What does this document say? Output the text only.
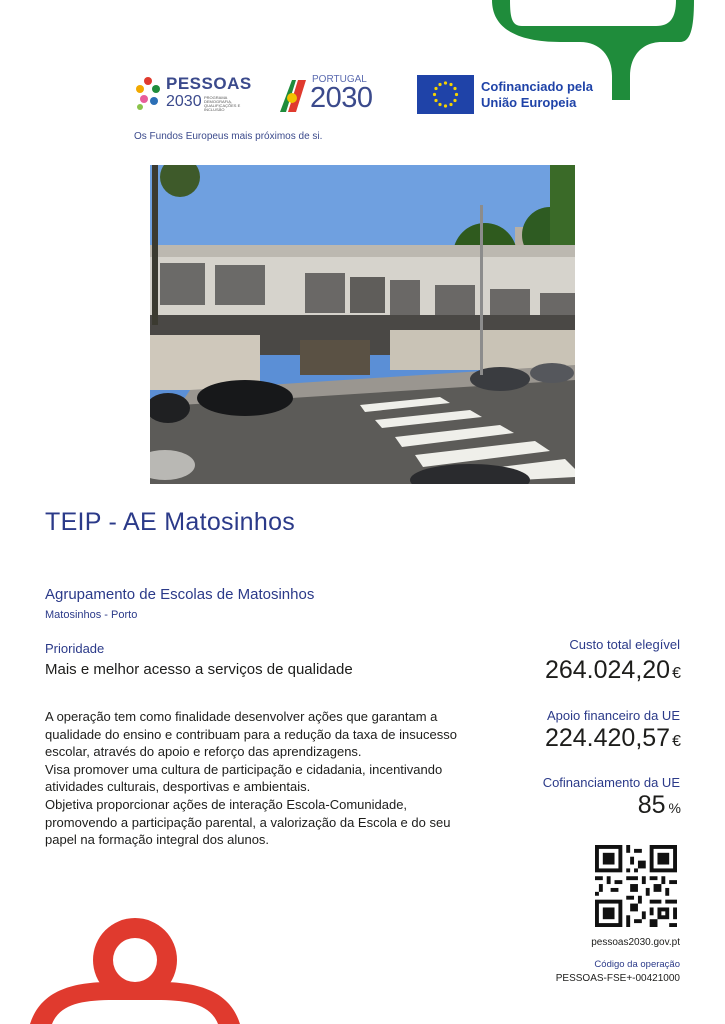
PESSOAS
2030 PROGRAMA DEMOGRAFIA, QUALIFICAÇÕES E INCLUSÃO
PORTUGAL
2030	Cofinanciado pela
União Europeia
Os Fundos Europeus mais próximos de si.
TEIP - AE Matosinhos
Agrupamento de Escolas de Matosinhos
Matosinhos - Porto
Prioridade
Mais e melhor acesso a serviços de qualidade
A operação tem como finalidade desenvolver ações que garantam a
qualidade do ensino e contribuam para a redução da taxa de insucesso
escolar, através do apoio e reforço das aprendizagens.
Visa promover uma cultura de participação e cidadania, incentivando
atividades culturais, desportivas e ambientais.
Objetiva proporcionar ações de interação Escola-Comunidade,
promovendo a participação parental, a valorização da Escola e do seu
papel na formação integral dos alunos.
Custo total elegível
264.024,20 €
Apoio financeiro da UE
224.420,57 €
Cofinanciamento da UE
85 %
pessoas2030.gov.pt
Código da operação
PESSOAS-FSE+-00421000
